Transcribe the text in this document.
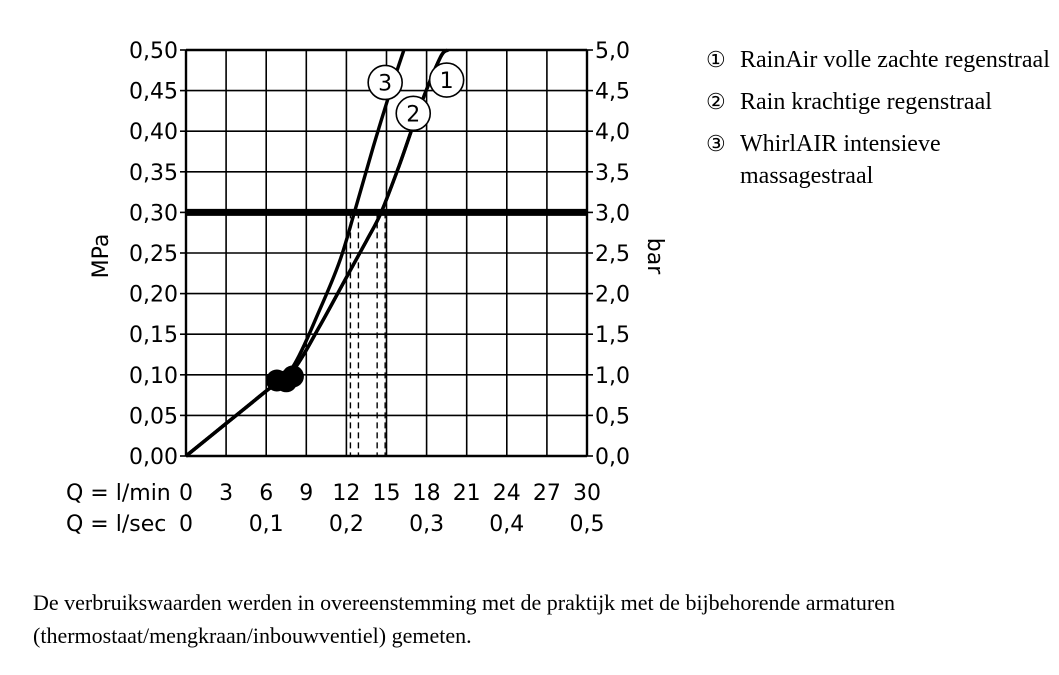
1
2
3
0 3 6 9 12 15 18 21 24 27 30
0	0,1 0,2 0,3 0,4 0,5
0,00	0,0
0,05	0,5
0,10	1,0
0,15	1,5
0,20	2,0
0,25	2,5
0,30	3,0
0,35	3,5
0,40	4,0
0,45	4,5
0,50	5,0
MPa	bar
Q = l/min
Q = l/sec
① RainAir volle zachte regenstraal
② Rain krachtige regenstraal
③ WhirlAIR intensieve massagestraal
De verbruikswaarden werden in overeenstemming met de praktijk met de bijbehorende armaturen (thermostaat/mengkraan/inbouwventiel) gemeten.
